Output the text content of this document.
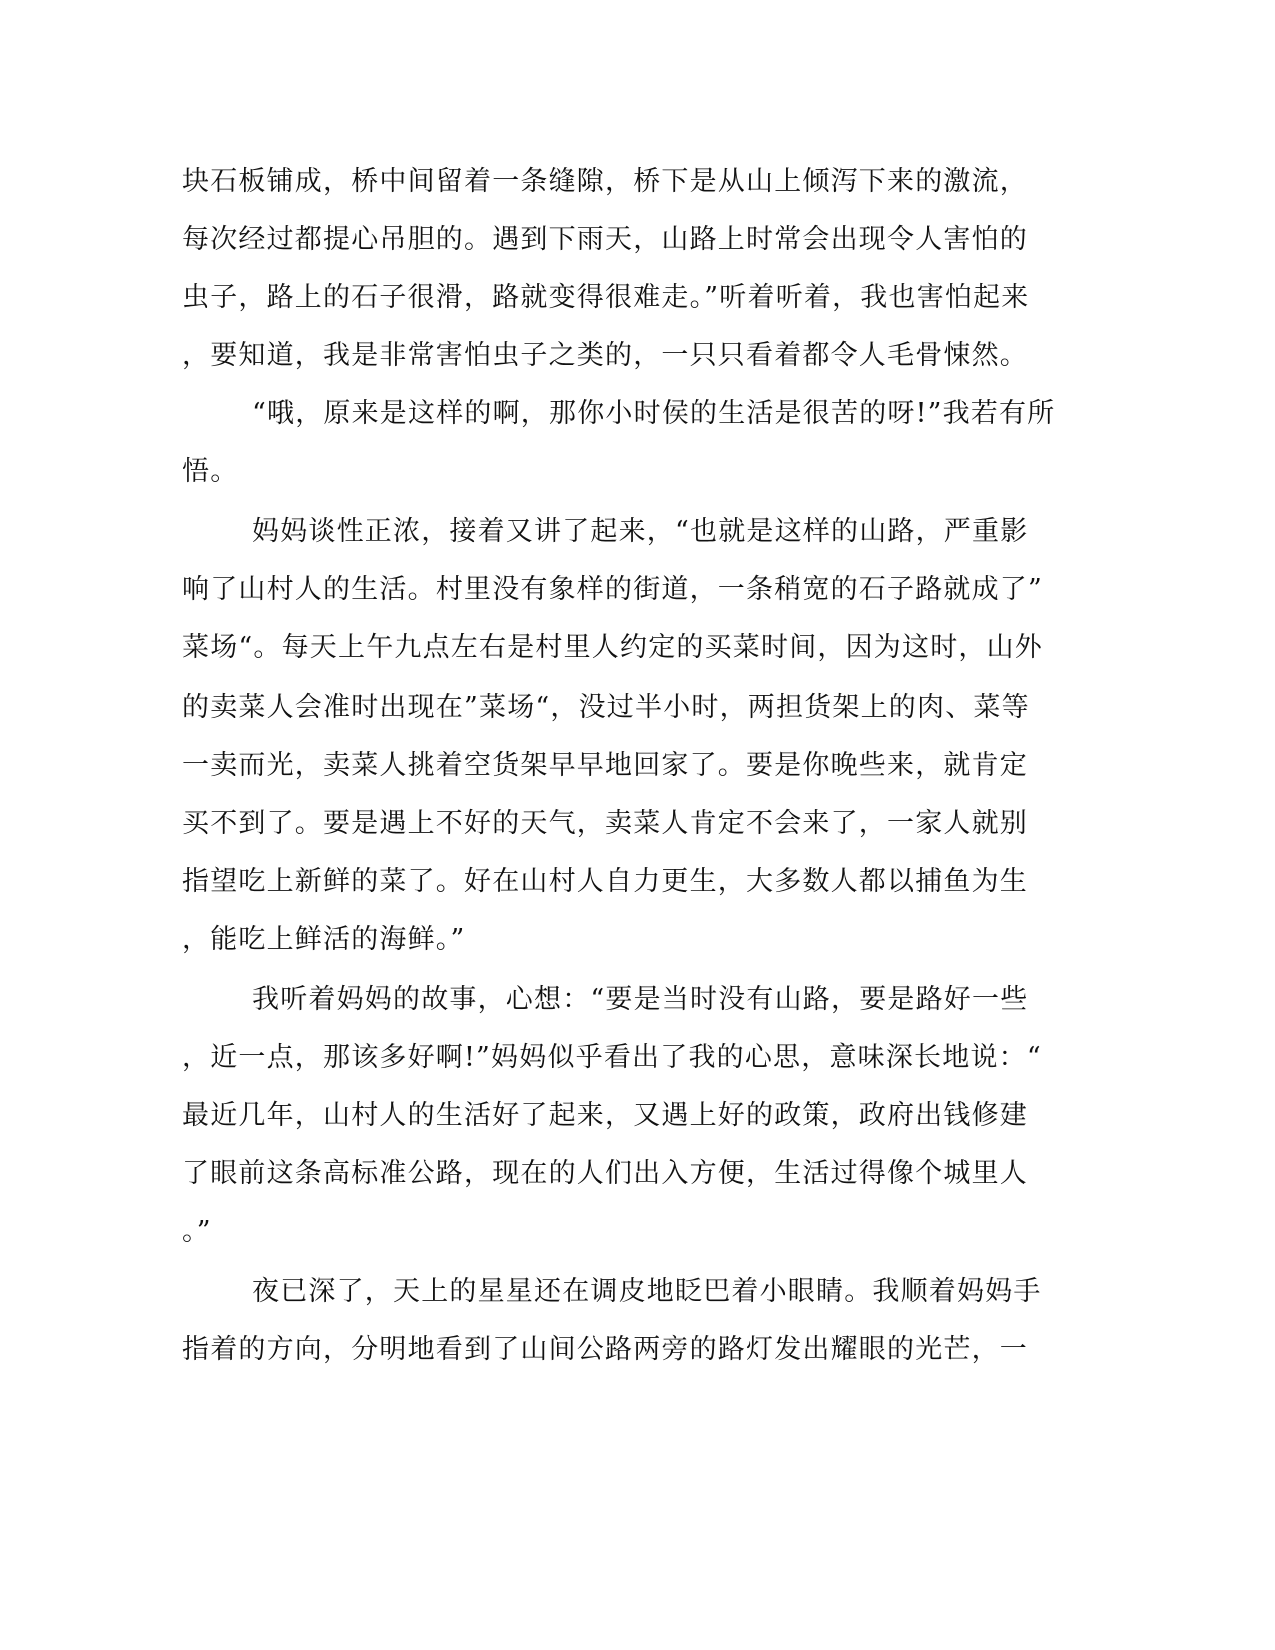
块石板铺成，桥中间留着一条缝隙，桥下是从山上倾泻下来的激流，
每次经过都提心吊胆的。遇到下雨天，山路上时常会出现令人害怕的
虫子，路上的石子很滑，路就变得很难走。”听着听着，我也害怕起来
，要知道，我是非常害怕虫子之类的，一只只看着都令人毛骨悚然。
“哦，原来是这样的啊，那你小时侯的生活是很苦的呀!”我若有所
悟。
妈妈谈性正浓，接着又讲了起来，“也就是这样的山路，严重影
响了山村人的生活。村里没有象样的街道，一条稍宽的石子路就成了”
菜场“。每天上午九点左右是村里人约定的买菜时间，因为这时，山外
的卖菜人会准时出现在”菜场“，没过半小时，两担货架上的肉、菜等
一卖而光，卖菜人挑着空货架早早地回家了。要是你晚些来，就肯定
买不到了。要是遇上不好的天气，卖菜人肯定不会来了，一家人就别
指望吃上新鲜的菜了。好在山村人自力更生，大多数人都以捕鱼为生
，能吃上鲜活的海鲜。”
我听着妈妈的故事，心想：“要是当时没有山路，要是路好一些
，近一点，那该多好啊!”妈妈似乎看出了我的心思，意味深长地说：“
最近几年，山村人的生活好了起来，又遇上好的政策，政府出钱修建
了眼前这条高标准公路，现在的人们出入方便，生活过得像个城里人
。”
夜已深了，天上的星星还在调皮地眨巴着小眼睛。我顺着妈妈手
指着的方向，分明地看到了山间公路两旁的路灯发出耀眼的光芒，一
